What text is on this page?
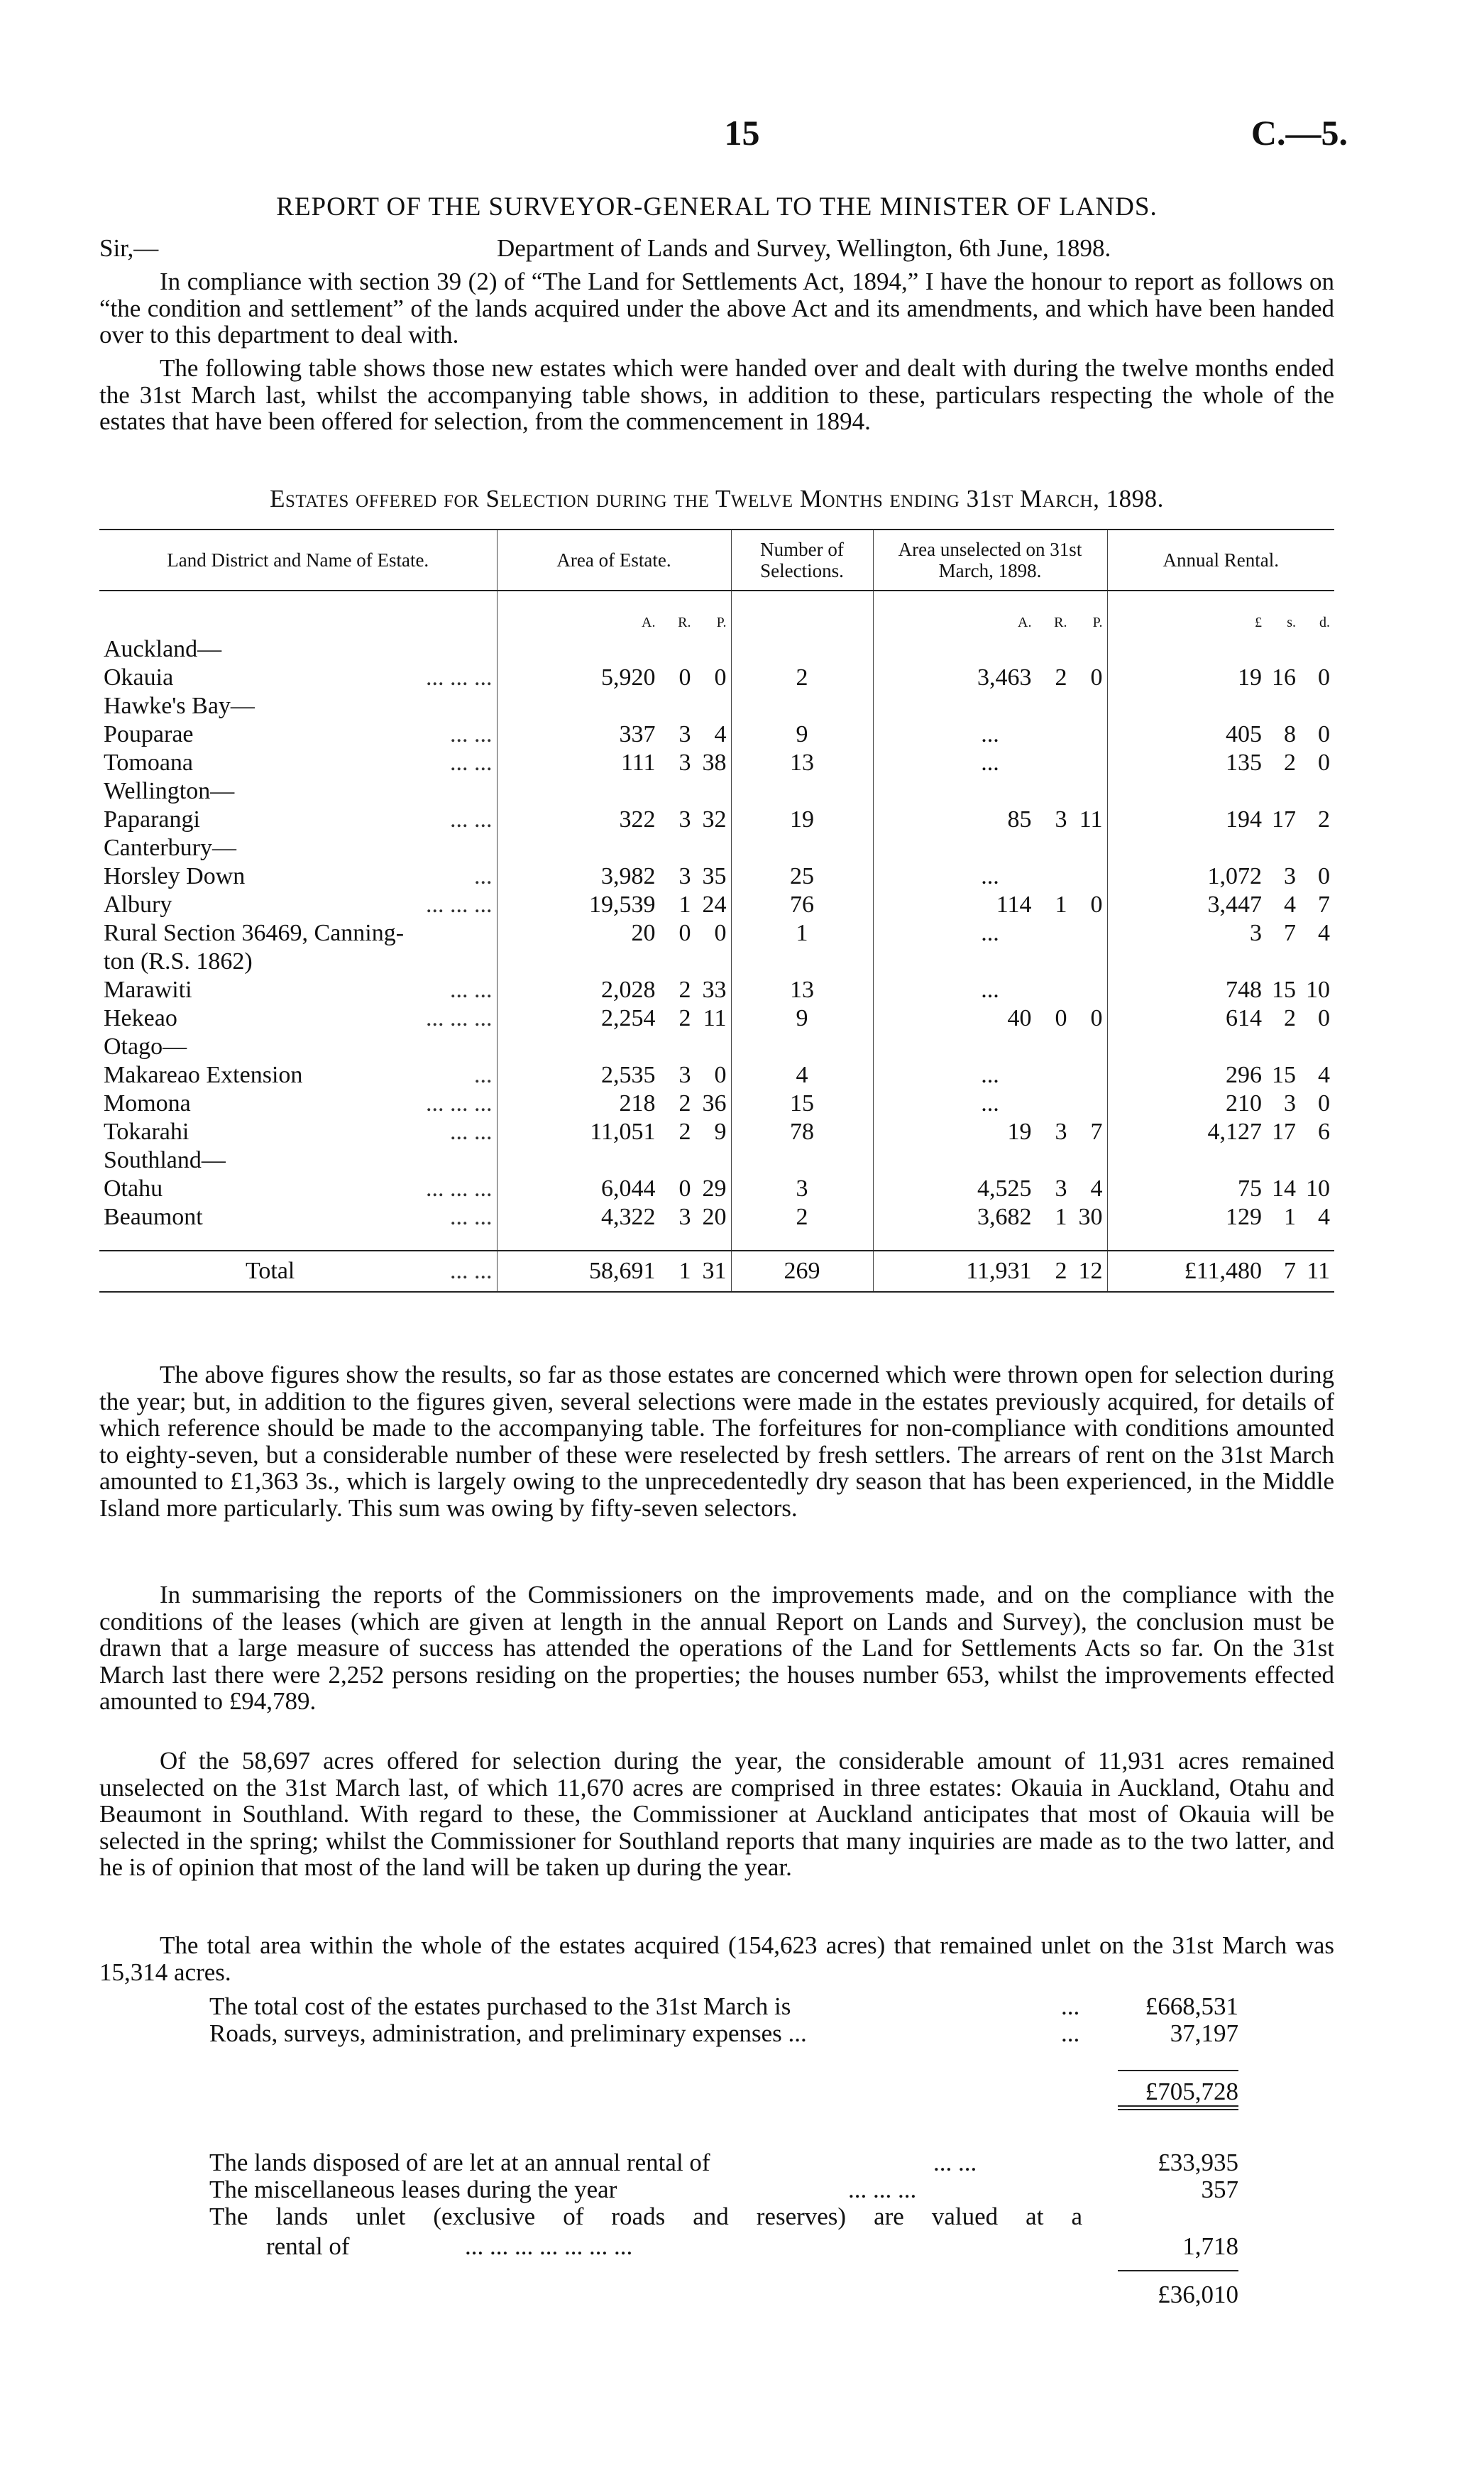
15	C.—5.
REPORT OF THE SURVEYOR-GENERAL TO THE MINISTER OF LANDS.
Sir,—	Department of Lands and Survey, Wellington, 6th June, 1898.
In compliance with section 39 (2) of “The Land for Settlements Act, 1894,” I have the honour to report as follows on “the condition and settlement” of the lands acquired under the above Act and its amendments, and which have been handed over to this department to deal with.
The following table shows those new estates which were handed over and dealt with during the twelve months ended the 31st March last, whilst the accompanying table shows, in addition to these, particulars respecting the whole of the estates that have been offered for selection, from the commencement in 1894.
Estates offered for Selection during the Twelve Months ending 31st March, 1898.
Land District and Name of Estate.	Area of Estate.	Number of Selections.	Area unselected on 31st March, 1898.	Annual Rental.

	A. R. P.		A. R. P.	£ s. d.
Auckland—				
Okauia ... ... ...	5,920 0 0	2	3,463 2 0	19 16 0
Hawke's Bay—				
Pouparae ... ...	337 3 4	9	...	405 8 0
Tomoana ... ...	111 3 38	13	...	135 2 0
Wellington—				
Paparangi ... ...	322 3 32	19	85 3 11	194 17 2
Canterbury—				
Horsley Down ...	3,982 3 35	25	...	1,072 3 0
Albury ... ... ...	19,539 1 24	76	114 1 0	3,447 4 7
Rural Section 36469, Canning-	20 0 0	1	...	3 7 4
ton (R.S. 1862)				
Marawiti ... ...	2,028 2 33	13	...	748 15 10
Hekeao ... ... ...	2,254 2 11	9	40 0 0	614 2 0
Otago—				
Makareao Extension ...	2,535 3 0	4	...	296 15 4
Momona ... ... ...	218 2 36	15	...	210 3 0
Tokarahi ... ...	11,051 2 9	78	19 3 7	4,127 17 6
Southland—				
Otahu ... ... ...	6,044 0 29	3	4,525 3 4	75 14 10
Beaumont ... ...	4,322 3 20	2	3,682 1 30	129 1 4

Total ... ...	58,691 1 31	269	11,931 2 12	£11,480 7 11
The above figures show the results, so far as those estates are concerned which were thrown open for selection during the year; but, in addition to the figures given, several selections were made in the estates previously acquired, for details of which reference should be made to the accompanying table. The forfeitures for non-compliance with conditions amounted to eighty-seven, but a considerable number of these were reselected by fresh settlers. The arrears of rent on the 31st March amounted to £1,363 3s., which is largely owing to the unprecedentedly dry season that has been experienced, in the Middle Island more particularly. This sum was owing by fifty-seven selectors.
In summarising the reports of the Commissioners on the improvements made, and on the compliance with the conditions of the leases (which are given at length in the annual Report on Lands and Survey), the conclusion must be drawn that a large measure of success has attended the operations of the Land for Settlements Acts so far. On the 31st March last there were 2,252 persons residing on the properties; the houses number 653, whilst the improvements effected amounted to £94,789.
Of the 58,697 acres offered for selection during the year, the considerable amount of 11,931 acres remained unselected on the 31st March last, of which 11,670 acres are comprised in three estates: Okauia in Auckland, Otahu and Beaumont in Southland. With regard to these, the Commissioner at Auckland anticipates that most of Okauia will be selected in the spring; whilst the Commissioner for Southland reports that many inquiries are made as to the two latter, and he is of opinion that most of the land will be taken up during the year.
The total area within the whole of the estates acquired (154,623 acres) that remained unlet on the 31st March was 15,314 acres.
The total cost of the estates purchased to the 31st March is	...	£668,531
Roads, surveys, administration, and preliminary expenses ...	...	37,197
£705,728
The lands disposed of are let at an annual rental of	... ...	£33,935
The miscellaneous leases during the year	... ... ...	357
The lands unlet (exclusive of roads and reserves) are valued at a
rental of	... ... ... ... ... ... ...	1,718
£36,010
